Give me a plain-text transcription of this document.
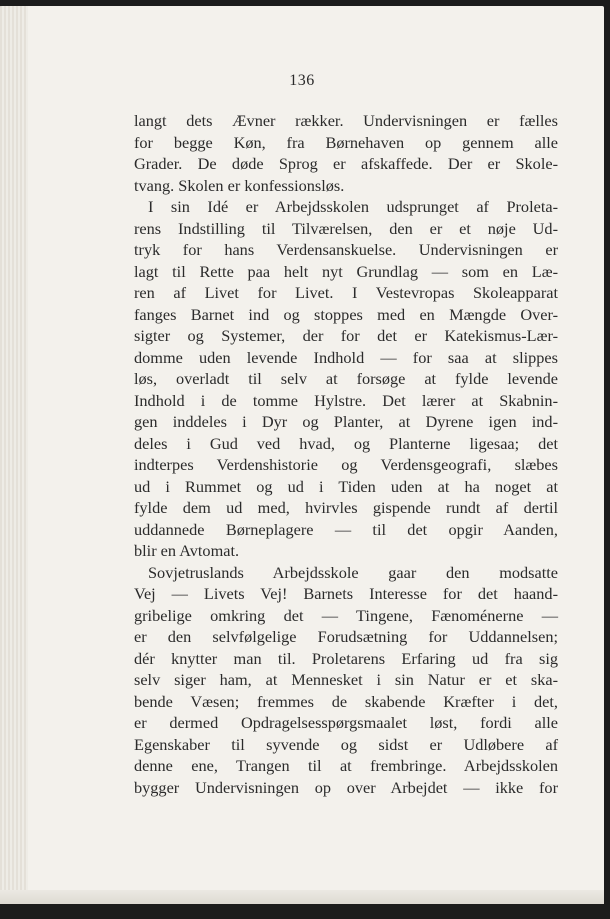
136
langt dets Ævner rækker. Undervisningen er fælles
for begge Køn, fra Børnehaven op gennem alle
Grader. De døde Sprog er afskaffede. Der er Skole-
tvang. Skolen er konfessionsløs.
I sin Idé er Arbejdsskolen udsprunget af Proleta-
rens Indstilling til Tilværelsen, den er et nøje Ud-
tryk for hans Verdensanskuelse. Undervisningen er
lagt til Rette paa helt nyt Grundlag — som en Læ-
ren af Livet for Livet. I Vestevropas Skoleapparat
fanges Barnet ind og stoppes med en Mængde Over-
sigter og Systemer, der for det er Katekismus-Lær-
domme uden levende Indhold — for saa at slippes
løs, overladt til selv at forsøge at fylde levende
Indhold i de tomme Hylstre. Det lærer at Skabnin-
gen inddeles i Dyr og Planter, at Dyrene igen ind-
deles i Gud ved hvad, og Planterne ligesaa; det
indterpes Verdenshistorie og Verdensgeografi, slæbes
ud i Rummet og ud i Tiden uden at ha noget at
fylde dem ud med, hvirvles gispende rundt af dertil
uddannede Børneplagere — til det opgir Aanden,
blir en Avtomat.
Sovjetruslands Arbejdsskole gaar den modsatte
Vej — Livets Vej! Barnets Interesse for det haand-
gribelige omkring det — Tingene, Fænoménerne —
er den selvfølgelige Forudsætning for Uddannelsen;
dér knytter man til. Proletarens Erfaring ud fra sig
selv siger ham, at Mennesket i sin Natur er et ska-
bende Væsen; fremmes de skabende Kræfter i det,
er dermed Opdragelsesspørgsmaalet løst, fordi alle
Egenskaber til syvende og sidst er Udløbere af
denne ene, Trangen til at frembringe. Arbejdsskolen
bygger Undervisningen op over Arbejdet — ikke for
